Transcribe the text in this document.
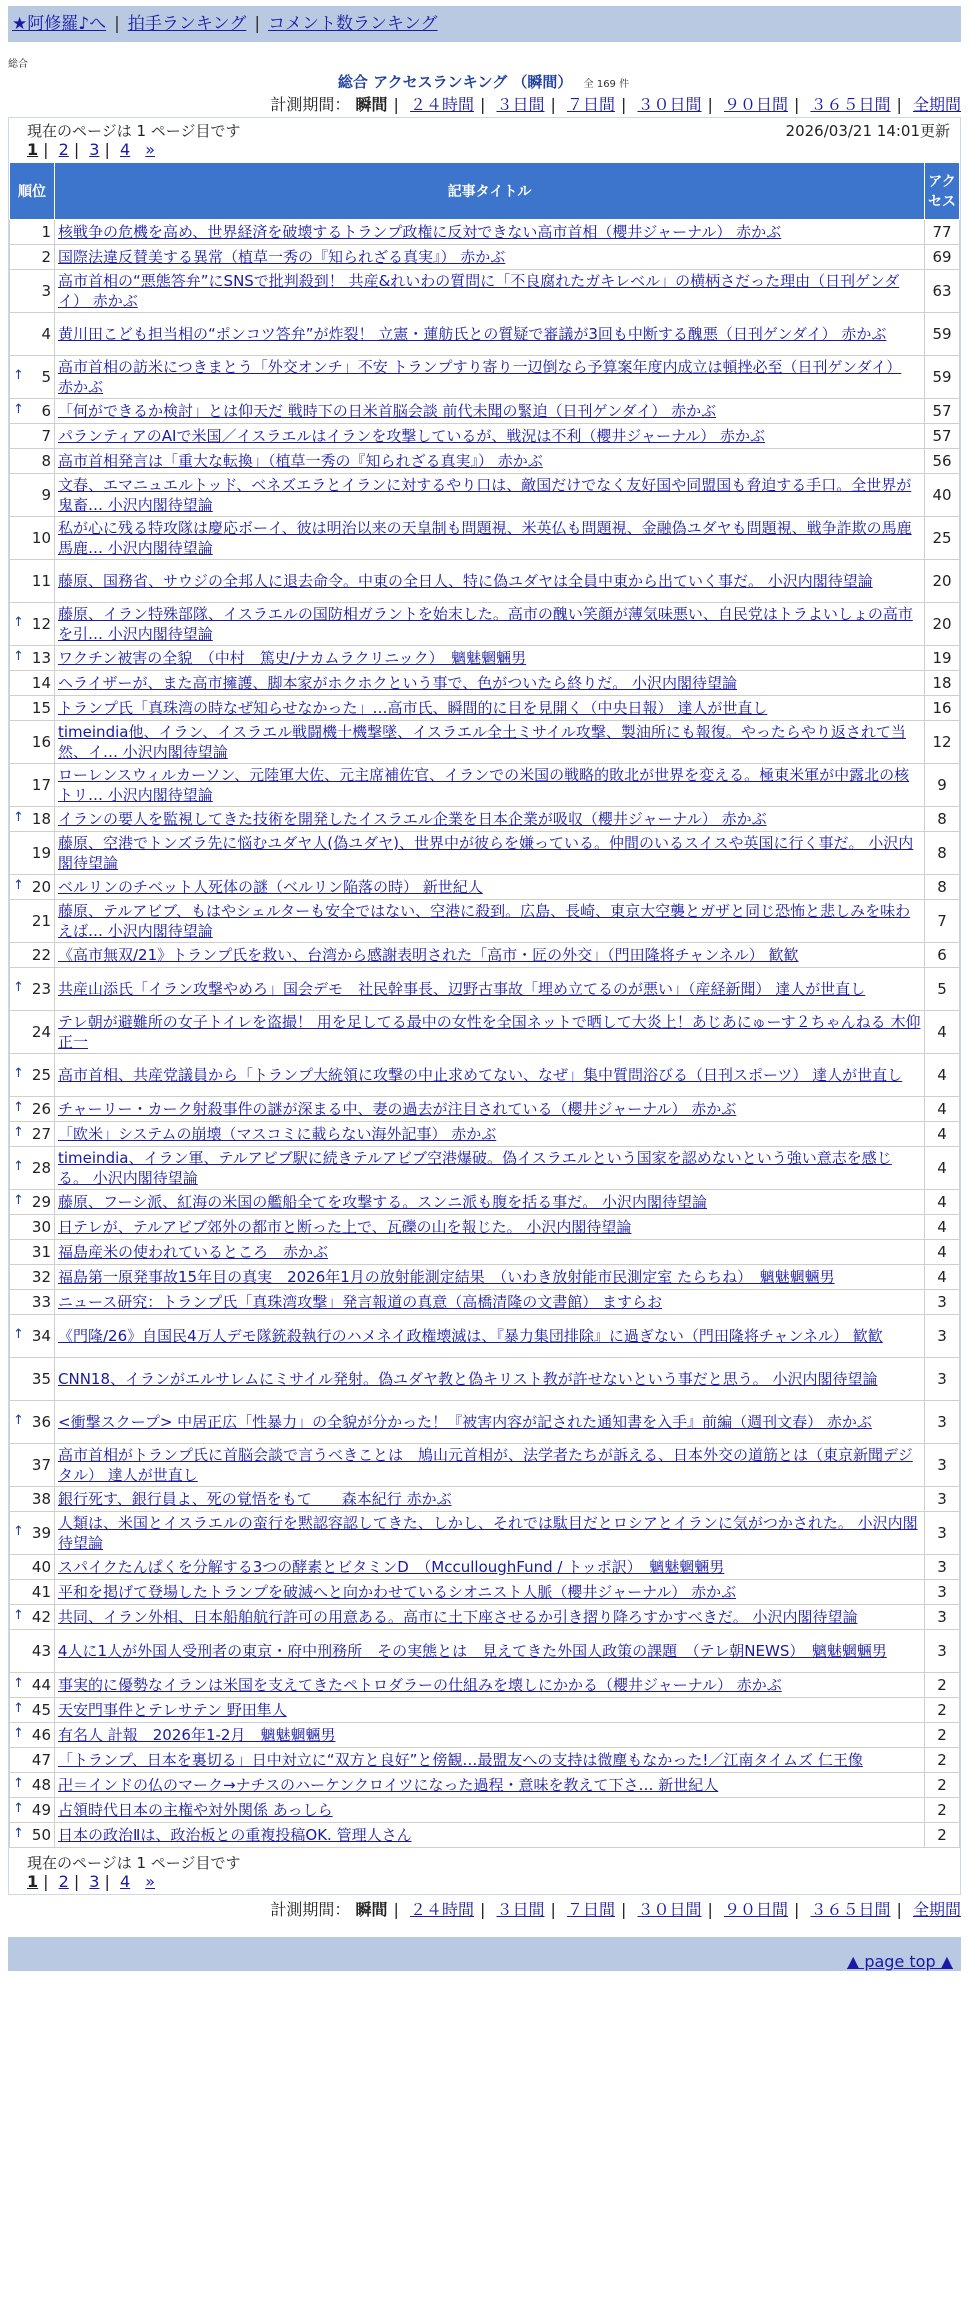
★阿修羅♪へ | 拍手ランキング | コメント数ランキング
総合
総合 アクセスランキング （瞬間） 全 169 件
計測期間： 瞬間 | ２４時間 | ３日間 | ７日間 | ３０日間 | ９０日間 | ３６５日間 | 全期間
現在のページは 1 ページ目です	2026/03/21 14:01更新
1 | 2 | 3 | 4 »
順位	記事タイトル	アクセス
1	核戦争の危機を高め、世界経済を破壊するトランプ政権に反対できない高市首相（櫻井ジャーナル） 赤かぶ	77
2	国際法違反賛美する異常（植草一秀の『知られざる真実』） 赤かぶ	69
3	高市首相の“悪態答弁”にSNSで批判殺到！ 共産&れいわの質問に「不良腐れたガキレベル」の横柄さだった理由（日刊ゲンダイ） 赤かぶ	63
4	黄川田こども担当相の“ポンコツ答弁”が炸裂！ 立憲・蓮舫氏との質疑で審議が3回も中断する醜悪（日刊ゲンダイ） 赤かぶ	59

↑ 5	高市首相の訪米につきまとう「外交オンチ」不安 トランプすり寄り一辺倒なら予算案年度内成立は頓挫必至（日刊ゲンダイ） 赤かぶ	59

↑ 6	「何ができるか検討」とは仰天だ 戦時下の日米首脳会談 前代未聞の緊迫（日刊ゲンダイ） 赤かぶ	57
7	パランティアのAIで米国／イスラエルはイランを攻撃しているが、戦況は不利（櫻井ジャーナル） 赤かぶ	57
8	高市首相発言は「重大な転換」（植草一秀の『知られざる真実』） 赤かぶ	56
9	文春、エマニュエルトッド、ベネズエラとイランに対するやり口は、敵国だけでなく友好国や同盟国も脅迫する手口。全世界が鬼畜… 小沢内閣待望論	40
10	私が心に残る特攻隊は慶応ボーイ、彼は明治以来の天皇制も問題視、米英仏も問題視、金融偽ユダヤも問題視、戦争詐欺の馬鹿馬鹿… 小沢内閣待望論	25
11	藤原、国務省、サウジの全邦人に退去命令。中東の全日人、特に偽ユダヤは全員中東から出ていく事だ。 小沢内閣待望論	20

↑ 12	藤原、イラン特殊部隊、イスラエルの国防相ガラントを始末した。高市の醜い笑顔が薄気味悪い、自民党はトラよいしょの高市を引… 小沢内閣待望論	20

↑ 13	ワクチン被害の全貌　（中村　篤史/ナカムラクリニック）　魑魅魍魎男	19
14	ヘライザーが、また高市擁護、脚本家がホクホクという事で、色がついたら終りだ。 小沢内閣待望論	18
15	トランプ氏「真珠湾の時なぜ知らせなかった」…高市氏、瞬間的に目を見開く（中央日報） 達人が世直し	16
16	timeindia他、イラン、イスラエル戦闘機十機撃墜、イスラエル全土ミサイル攻撃、製油所にも報復。やったらやり返されて当然、イ… 小沢内閣待望論	12
17	ローレンスウィルカーソン、元陸軍大佐、元主席補佐官、イランでの米国の戦略的敗北が世界を変える。極東米軍が中露北の核トリ… 小沢内閣待望論	9

↑ 18	イランの要人を監視してきた技術を開発したイスラエル企業を日本企業が吸収（櫻井ジャーナル） 赤かぶ	8
19	藤原、空港でトンズラ先に悩むユダヤ人(偽ユダヤ)、世界中が彼らを嫌っている。仲間のいるスイスや英国に行く事だ。 小沢内閣待望論	8

↑ 20	ベルリンのチベット人死体の謎（ベルリン陥落の時） 新世紀人	8
21	藤原、テルアビブ、もはやシェルターも安全ではない、空港に殺到。広島、長崎、東京大空襲とガザと同じ恐怖と悲しみを味わえば… 小沢内閣待望論	7
22	《高市無双/21》トランプ氏を救い、台湾から感謝表明された「高市・匠の外交」（門田隆将チャンネル） 歓歓	6

↑ 23	共産山添氏「イラン攻撃やめろ」国会デモ　社民幹事長、辺野古事故「埋め立てるのが悪い」（産経新聞） 達人が世直し	5
24	テレ朝が避難所の女子トイレを盗撮！ 用を足してる最中の女性を全国ネットで晒して大炎上！あじあにゅーす２ちゃんねる 木仰正一	4

↑ 25	高市首相、共産党議員から「トランプ大統領に攻撃の中止求めてない、なぜ」集中質問浴びる（日刊スポーツ） 達人が世直し	4

↑ 26	チャーリー・カーク射殺事件の謎が深まる中、妻の過去が注目されている（櫻井ジャーナル） 赤かぶ	4

↑ 27	「欧米」システムの崩壊（マスコミに載らない海外記事） 赤かぶ	4

↑ 28	timeindia、イラン軍、テルアビブ駅に続きテルアビブ空港爆破。偽イスラエルという国家を認めないという強い意志を感じる。 小沢内閣待望論	4

↑ 29	藤原、フーシ派、紅海の米国の艦船全てを攻撃する。スンニ派も腹を括る事だ。 小沢内閣待望論	4
30	日テレが、テルアビブ郊外の都市と断った上で、瓦礫の山を報じた。 小沢内閣待望論	4
31	福島産米の使われているところ　赤かぶ	4
32	福島第一原発事故15年目の真実　2026年1月の放射能測定結果　（いわき放射能市民測定室 たらちね）　魑魅魍魎男	4
33	ニュース研究：トランプ氏「真珠湾攻撃」発言報道の真意（高橋清隆の文書館） ますらお	3

↑ 34	《門隆/26》自国民4万人デモ隊銃殺執行のハメネイ政権壊滅は、『暴力集団排除』に過ぎない（門田隆将チャンネル） 歓歓	3
35	CNN18、イランがエルサレムにミサイル発射。偽ユダヤ教と偽キリスト教が許せないという事だと思う。 小沢内閣待望論	3

↑ 36	<衝撃スクープ> 中居正広「性暴力」の全貌が分かった！『被害内容が記された通知書を入手』前編（週刊文春） 赤かぶ	3
37	高市首相がトランプ氏に首脳会談で言うべきことは　鳩山元首相が、法学者たちが訴える、日本外交の道筋とは（東京新聞デジタル） 達人が世直し	3
38	銀行死す、銀行員よ、死の覚悟をもて　　森本紀行 赤かぶ	3

↑ 39	人類は、米国とイスラエルの蛮行を黙認容認してきた、しかし、それでは駄目だとロシアとイランに気がつかされた。 小沢内閣待望論	3
40	スパイクたんぱくを分解する3つの酵素とビタミンD　（McculloughFund / トッポ訳）　魑魅魍魎男	3
41	平和を掲げて登場したトランプを破滅へと向かわせているシオニスト人脈（櫻井ジャーナル） 赤かぶ	3

↑ 42	共同、イラン外相、日本船舶航行許可の用意ある。高市に土下座させるか引き摺り降ろすかすべきだ。 小沢内閣待望論	3
43	4人に1人が外国人受刑者の東京・府中刑務所　その実態とは　見えてきた外国人政策の課題　（テレ朝NEWS）　魑魅魍魎男	3

↑ 44	事実的に優勢なイランは米国を支えてきたペトロダラーの仕組みを壊しにかかる（櫻井ジャーナル） 赤かぶ	2

↑ 45	天安門事件とテレサテン 野田隼人	2

↑ 46	有名人 計報　2026年1-2月　魑魅魍魎男	2
47	「トランプ、日本を裏切る」日中対立に“双方と良好”と傍観…最盟友への支持は微塵もなかった!／江南タイムズ 仁王像	2

↑ 48	卍＝インドの仏のマーク→ナチスのハーケンクロイツになった過程・意味を教えて下さ… 新世紀人	2

↑ 49	占領時代日本の主権や対外関係 あっしら	2

↑ 50	日本の政治Ⅱは、政治板との重複投稿OK. 管理人さん	2
現在のページは 1 ページ目です
1 | 2 | 3 | 4 »
計測期間： 瞬間 | ２４時間 | ３日間 | ７日間 | ３０日間 | ９０日間 | ３６５日間 | 全期間
▲ page top ▲
